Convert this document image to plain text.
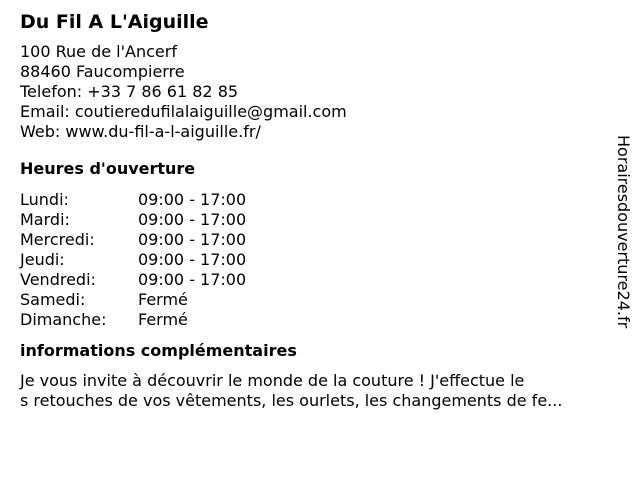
Du Fil A L'Aiguille
100 Rue de l'Ancerf
88460 Faucompierre
Telefon: +33 7 86 61 82 85
Email: coutieredufilalaiguille@gmail.com
Web: www.du-fil-a-l-aiguille.fr/
Heures d'ouverture
Lundi:	09:00 - 17:00
Mardi:	09:00 - 17:00
Mercredi:	09:00 - 17:00
Jeudi:	09:00 - 17:00
Vendredi:	09:00 - 17:00
Samedi:	Fermé
Dimanche:	Fermé
informations complémentaires
Je vous invite à découvrir le monde de la couture ! J'effectue le
s retouches de vos vêtements, les ourlets, les changements de fe...
Horairesdouverture24.fr
